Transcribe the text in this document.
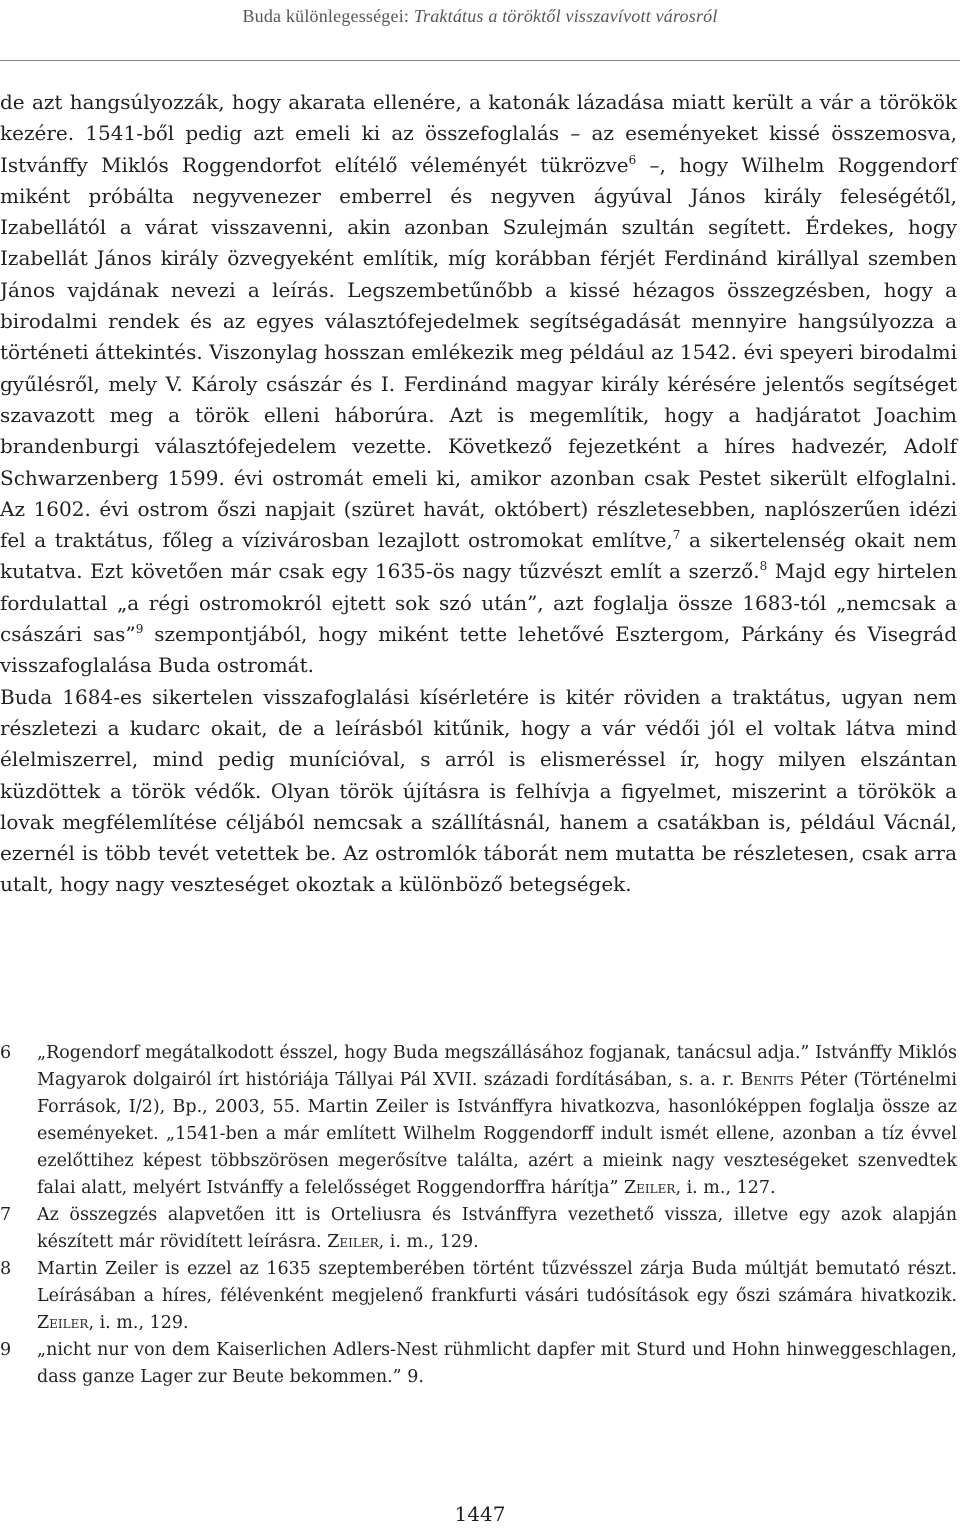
Buda különlegességei: Traktátus a töröktől visszavívott városról

de azt hangsúlyozzák, hogy akarata ellenére, a katonák lázadása miatt került a vár a törökök kezére. 1541-ből pedig azt emeli ki az összefoglalás – az eseményeket kissé összemosva, Istvánffy Miklós Roggendorfot elítélő véleményét tükrözve$^6$ –, hogy Wilhelm Roggendorf miként próbálta negyvenezer emberrel és negyven ágyúval János király feleségétől, Izabellától a várat visszavenni, akin azonban Szulejmán szultán segített. Érdekes, hogy Izabellát János király özvegyeként említik, míg korábban férjét Ferdinánd királlyal szemben János vajdának nevezi a leírás. Legszembetűnőbb a kissé hézagos összegzésben, hogy a birodalmi rendek és az egyes választófejedelmek segítségadását mennyire hangsúlyozza a történeti áttekintés. Viszonylag hosszan emlékezik meg például az 1542. évi speyeri birodalmi gyűlésről, mely V. Károly császár és I. Ferdinánd magyar király kérésére jelentős segítséget szavazott meg a török elleni háborúra. Azt is megemlítik, hogy a hadjáratot Joachim brandenburgi választófejedelem vezette. Következő fejezetként a híres hadvezér, Adolf Schwarzenberg 1599. évi ostromát emeli ki, amikor azonban csak Pestet sikerült elfoglalni. Az 1602. évi ostrom őszi napjait (szüret havát, októbert) részletesebben, naplószerűen idézi fel a traktátus, főleg a vízivárosban lezajlott ostromokat említve,$^7$ a sikertelenség okait nem kutatva. Ezt követően már csak egy 1635-ös nagy tűzvészt említ a szerző.$^8$ Majd egy hirtelen fordulattal „a régi ostromokról ejtett sok szó után”, azt foglalja össze 1683-tól „nemcsak a császári sas”$^9$ szempontjából, hogy miként tette lehetővé Esztergom, Párkány és Visegrád visszafoglalása Buda ostromát.

Buda 1684-es sikertelen visszafoglalási kísérletére is kitér röviden a traktátus, ugyan nem részletezi a kudarc okait, de a leírásból kitűnik, hogy a vár védői jól el voltak látva mind élelmiszerrel, mind pedig munícióval, s arról is elismeréssel ír, hogy milyen elszántan küzdöttek a török védők. Olyan török újításra is felhívja a figyelmet, miszerint a törökök a lovak megfélemlítése céljából nemcsak a szállításnál, hanem a csatákban is, például Vácnál, ezernél is több tevét vetettek be. Az ostromlók táborát nem mutatta be részletesen, csak arra utalt, hogy nagy veszteséget okoztak a különböző betegségek.

6	„Rogendorf megátalkodott ésszel, hogy Buda megszállásához fogjanak, tanácsul adja.” Istvánffy Miklós Magyarok dolgairól írt históriája Tállyai Pál XVII. századi fordításában, s. a. r. Benits Péter (Történelmi Források, I/2), Bp., 2003, 55. Martin Zeiler is Istvánffyra hivatkozva, hasonlóképpen foglalja össze az eseményeket. „1541-ben a már említett Wilhelm Roggendorff indult ismét ellene, azonban a tíz évvel ezelőttihez képest többszörösen megerősítve találta, azért a mieink nagy veszteségeket szenvedtek falai alatt, melyért Istvánffy a felelősséget Roggendorffra hárítja” Zeiler, i. m., 127.
7	Az összegzés alapvetően itt is Orteliusra és Istvánffyra vezethető vissza, illetve egy azok alapján készített már rövidített leírásra. Zeiler, i. m., 129.
8	Martin Zeiler is ezzel az 1635 szeptemberében történt tűzvésszel zárja Buda múltját bemutató részt. Leírásában a híres, félévenként megjelenő frankfurti vásári tudósítások egy őszi számára hivatkozik. Zeiler, i. m., 129.
9	„nicht nur von dem Kaiserlichen Adlers-Nest rühmlicht dapfer mit Sturd und Hohn hinweggeschlagen, dass ganze Lager zur Beute bekommen.” 9.
1447
